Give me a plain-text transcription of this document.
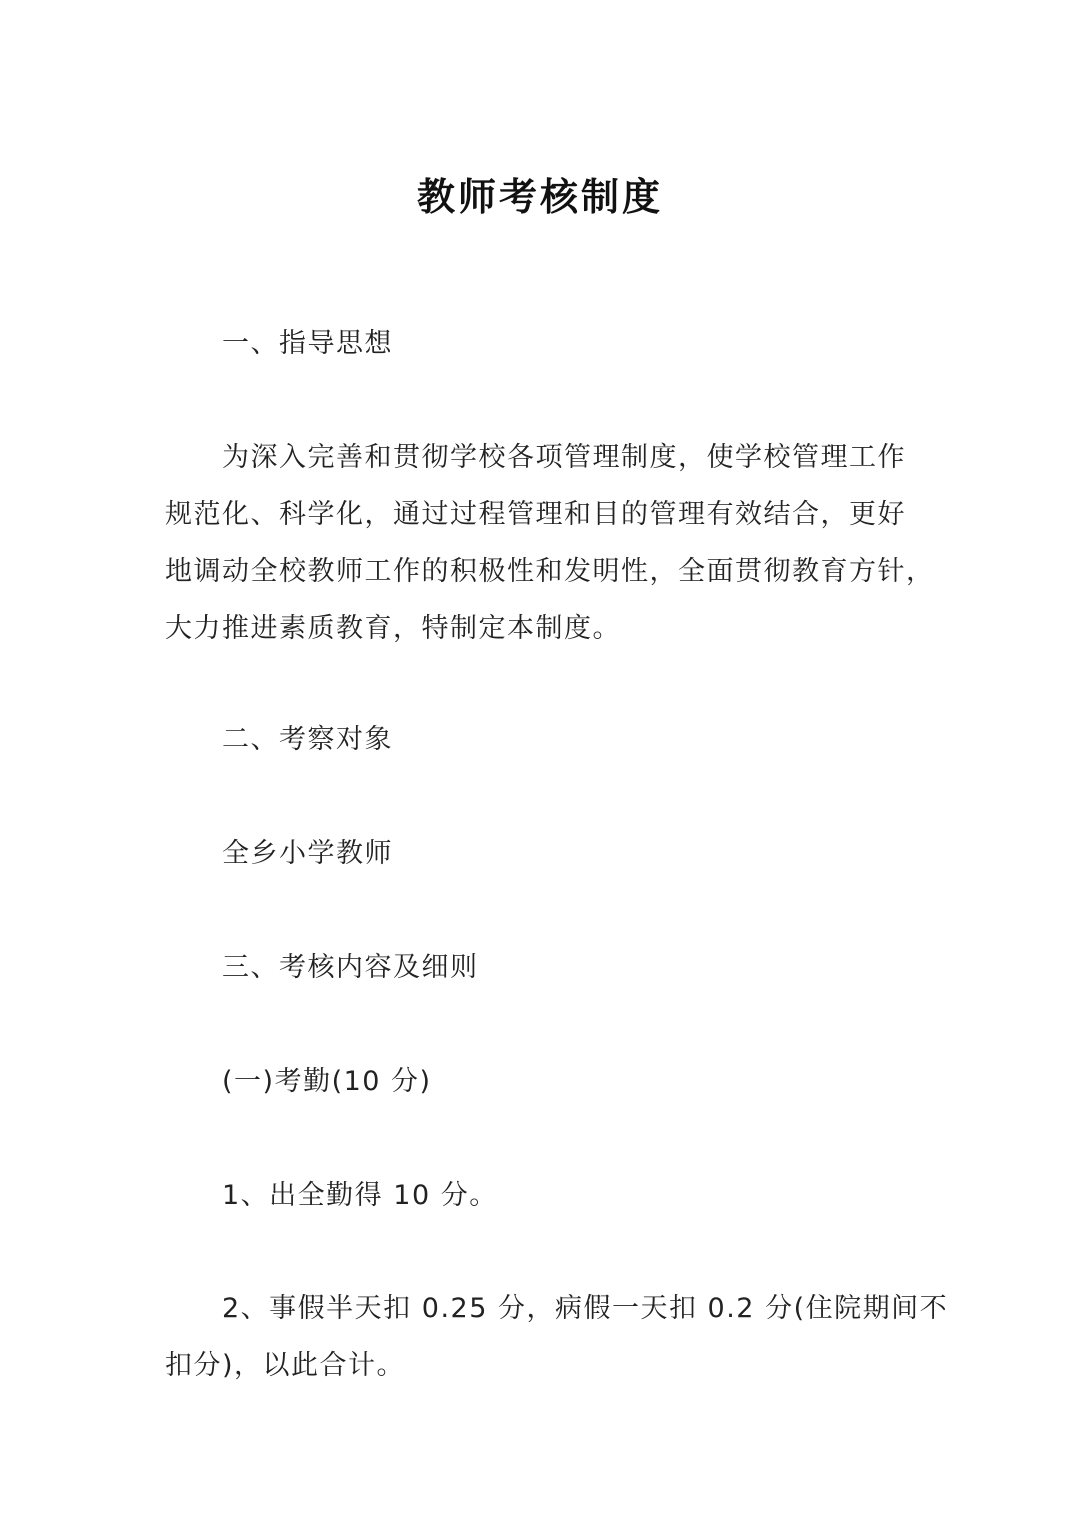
教师考核制度
一、指导思想
为深入完善和贯彻学校各项管理制度，使学校管理工作
规范化、科学化，通过过程管理和目的管理有效结合，更好
地调动全校教师工作的积极性和发明性，全面贯彻教育方针，
大力推进素质教育，特制定本制度。
二、考察对象
全乡小学教师
三、考核内容及细则
(一)考勤(10 分)
1、出全勤得 10 分。
2、事假半天扣 0.25 分，病假一天扣 0.2 分(住院期间不
扣分)，以此合计。
